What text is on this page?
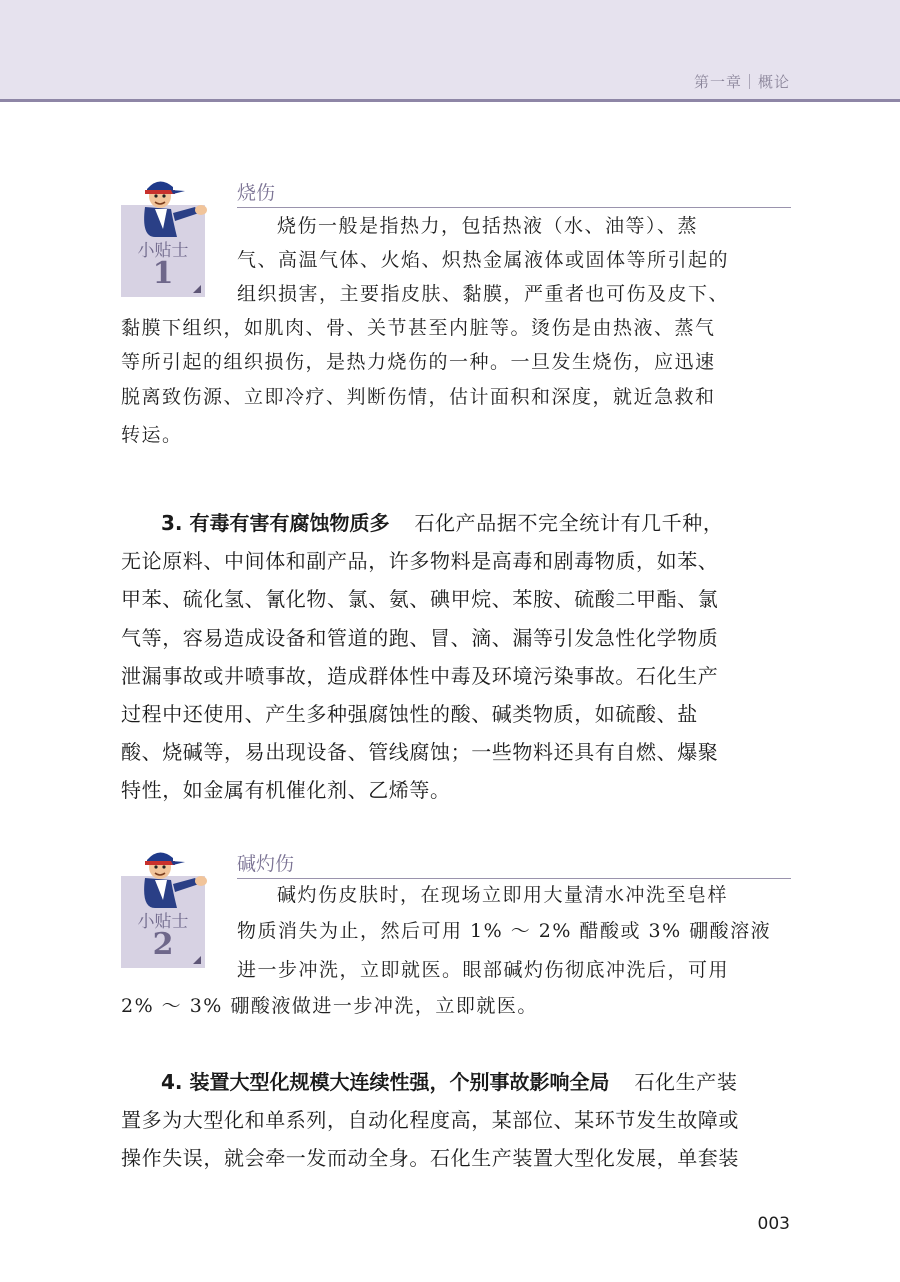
第一章｜概论
烧伤
小贴士
1
烧伤一般是指热力，包括热液（水、油等）、蒸
气、高温气体、火焰、炽热金属液体或固体等所引起的
组织损害，主要指皮肤、黏膜，严重者也可伤及皮下、
黏膜下组织，如肌肉、骨、关节甚至内脏等。烫伤是由热液、蒸气
等所引起的组织损伤，是热力烧伤的一种。一旦发生烧伤，应迅速
脱离致伤源、立即冷疗、判断伤情，估计面积和深度，就近急救和
转运。
3. 有毒有害有腐蚀物质多 石化产品据不完全统计有几千种，
无论原料、中间体和副产品，许多物料是高毒和剧毒物质，如苯、
甲苯、硫化氢、氰化物、氯、氨、碘甲烷、苯胺、硫酸二甲酯、氯
气等，容易造成设备和管道的跑、冒、滴、漏等引发急性化学物质
泄漏事故或井喷事故，造成群体性中毒及环境污染事故。石化生产
过程中还使用、产生多种强腐蚀性的酸、碱类物质，如硫酸、盐
酸、烧碱等，易出现设备、管线腐蚀；一些物料还具有自燃、爆聚
特性，如金属有机催化剂、乙烯等。
碱灼伤
小贴士
2
碱灼伤皮肤时，在现场立即用大量清水冲洗至皂样
物质消失为止，然后可用 1% ～ 2% 醋酸或 3% 硼酸溶液
进一步冲洗，立即就医。眼部碱灼伤彻底冲洗后，可用
2% ～ 3% 硼酸液做进一步冲洗，立即就医。
4. 装置大型化规模大连续性强，个别事故影响全局 石化生产装
置多为大型化和单系列，自动化程度高，某部位、某环节发生故障或
操作失误，就会牵一发而动全身。石化生产装置大型化发展，单套装
003
